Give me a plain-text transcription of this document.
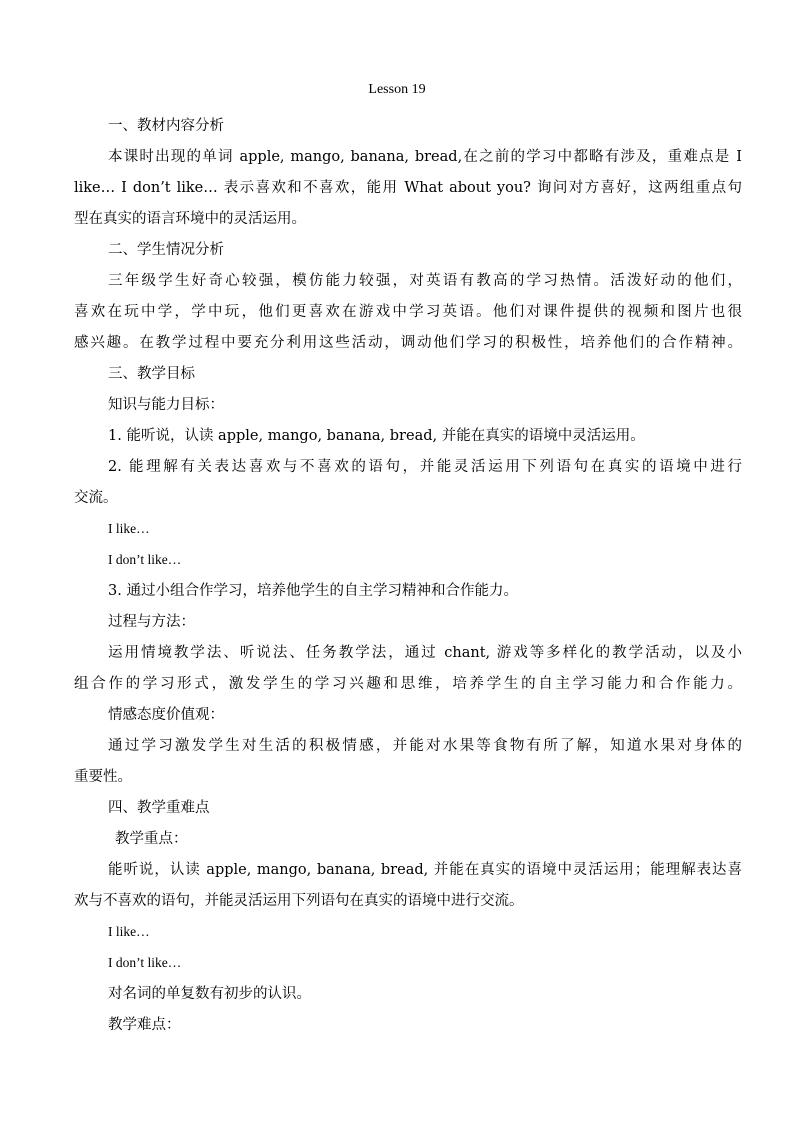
Lesson 19
一、教材内容分析
本课时出现的单词 apple, mango, banana, bread,在之前的学习中都略有涉及，重难点是 I
like… I don’t like… 表示喜欢和不喜欢，能用 What about you? 询问对方喜好，这两组重点句
型在真实的语言环境中的灵活运用。
二、学生情况分析
三年级学生好奇心较强，模仿能力较强，对英语有教高的学习热情。活泼好动的他们，
喜欢在玩中学，学中玩，他们更喜欢在游戏中学习英语。他们对课件提供的视频和图片也很
感兴趣。在教学过程中要充分利用这些活动，调动他们学习的积极性，培养他们的合作精神。
三、教学目标
知识与能力目标：
1. 能听说，认读 apple, mango, banana, bread, 并能在真实的语境中灵活运用。
2. 能理解有关表达喜欢与不喜欢的语句，并能灵活运用下列语句在真实的语境中进行
交流。
I like…
I don’t like…
3. 通过小组合作学习，培养他学生的自主学习精神和合作能力。
过程与方法：
运用情境教学法、听说法、任务教学法，通过 chant, 游戏等多样化的教学活动，以及小
组合作的学习形式，激发学生的学习兴趣和思维，培养学生的自主学习能力和合作能力。
情感态度价值观：
通过学习激发学生对生活的积极情感，并能对水果等食物有所了解，知道水果对身体的
重要性。
四、教学重难点
教学重点：
能听说，认读 apple, mango, banana, bread, 并能在真实的语境中灵活运用；能理解表达喜
欢与不喜欢的语句，并能灵活运用下列语句在真实的语境中进行交流。
I like…
I don’t like…
对名词的单复数有初步的认识。
教学难点：
